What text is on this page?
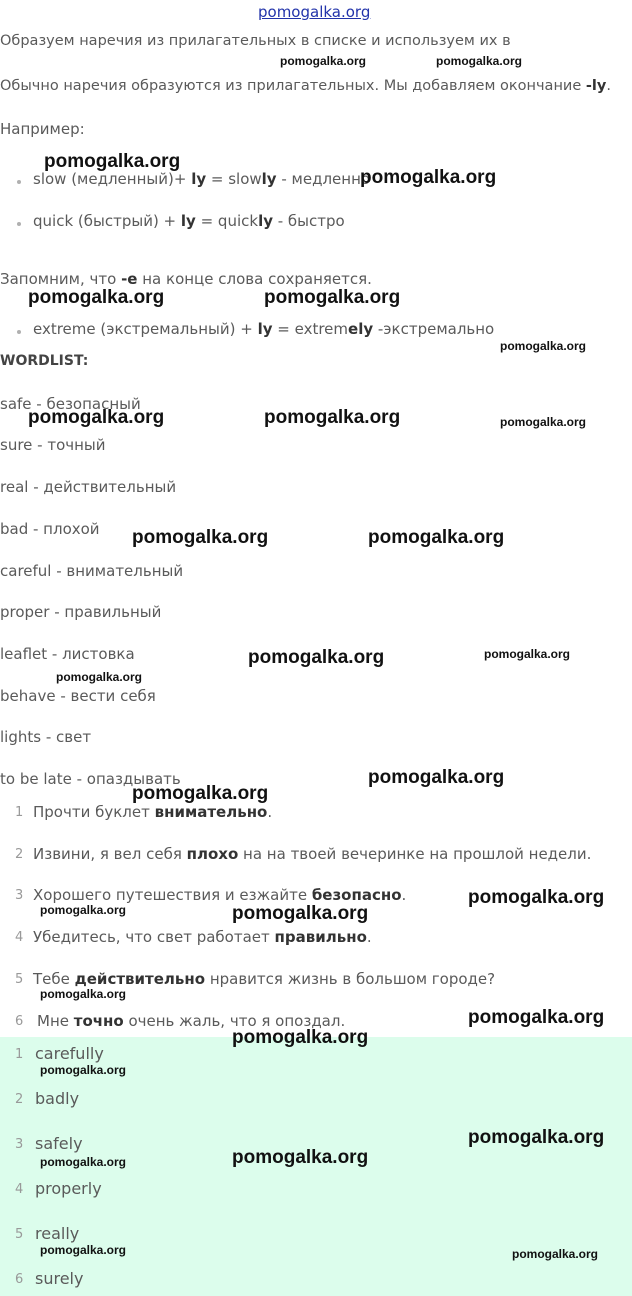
pomogalka.org
Образуем наречия из прилагательных в списке и используем их в
Обычно наречия образуются из прилагательных. Мы добавляем окончание -ly.
Например:
slow (медленный)+ ly = slowly - медленно
quick (быстрый) + ly = quickly - быстро
Запомним, что -e на конце слова сохраняется.
extreme (экстремальный) + ly = extremely -экстремально
WORDLIST:
safe - безопасный
sure - точный
real - действительный
bad - плохой
careful - внимательный
proper - правильный
leaflet - листовка
behave - вести себя
lights - свет
to be late - опаздывать
1 Прочти буклет внимательно.
2 Извини, я вел себя плохо на на твоей вечеринке на прошлой недели.
3 Хорошего путешествия и езжайте безопасно.
4 Убедитесь, что свет работает правильно.
5 Тебе действительно нравится жизнь в большом городе?
6 Мне точно очень жаль, что я опоздал.
1 carefully
2 badly
3 safely
4 properly
5 really
6 surely
pomogalka.org	pomogalka.org
pomogalka.org
pomogalka.org
pomogalka.org	pomogalka.org
pomogalka.org
pomogalka.org	pomogalka.org	pomogalka.org
pomogalka.org	pomogalka.org
pomogalka.org	pomogalka.org
pomogalka.org
pomogalka.org
pomogalka.org
pomogalka.org
pomogalka.org	pomogalka.org
pomogalka.org
pomogalka.org
pomogalka.org
pomogalka.org
pomogalka.org
pomogalka.org
pomogalka.org
pomogalka.org	pomogalka.org
